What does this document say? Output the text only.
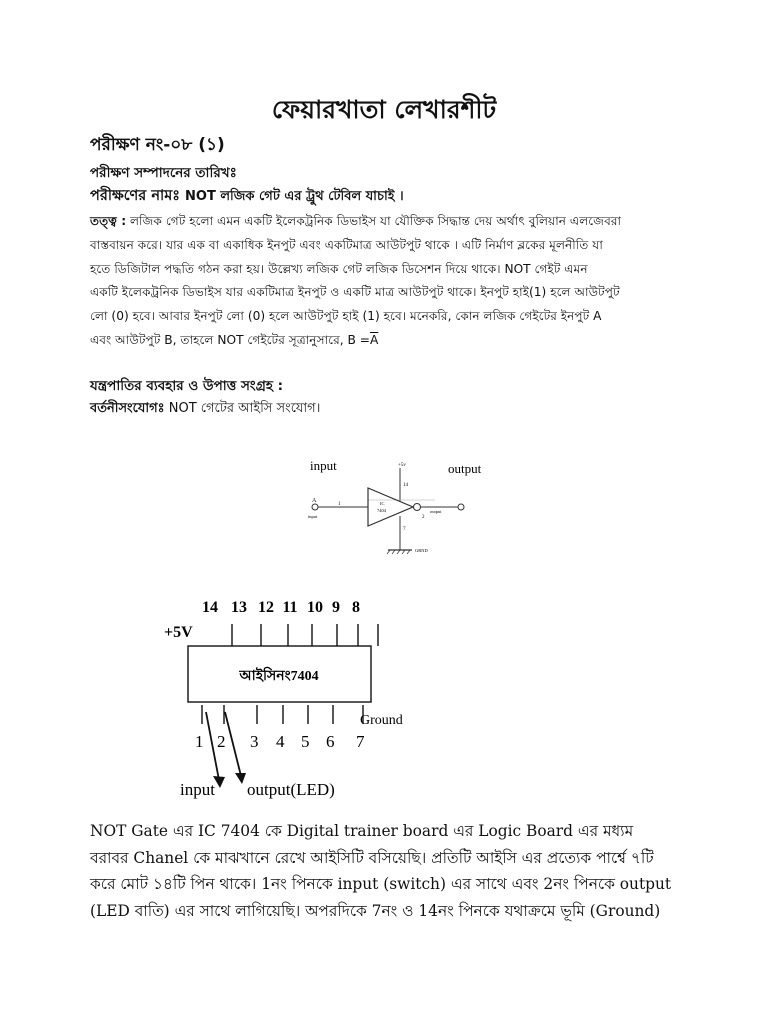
ফেয়ারখাতা লেখারশীট
পরীক্ষণ নং-০৮ (১)
পরীক্ষণ সম্পাদনের তারিখঃ
পরীক্ষণের নামঃ NOT লজিক গেট এর ট্রুথ টেবিল যাচাই ।
তত্ত্ব : লজিক গেট হলো এমন একটি ইলেকট্রনিক ডিভাইস যা যৌক্তিক সিদ্ধান্ত দেয় অর্থাৎ বুলিয়ান এলজেবরা
বাস্তবায়ন করে। যার এক বা একাধিক ইনপুট এবং একটিমাত্র আউটপুট থাকে । এটি নির্মাণ ব্লকের মূলনীতি যা
হতে ডিজিটাল পদ্ধতি গঠন করা হয়। উল্লেখ্য লজিক গেট লজিক ডিসেশন দিয়ে থাকে। NOT গেইট এমন
একটি ইলেকট্রনিক ডিভাইস যার একটিমাত্র ইনপুট ও একটি মাত্র আউটপুট থাকে। ইনপুট হাই(1) হলে আউটপুট
লো (0) হবে। আবার ইনপুট লো (0) হলে আউটপুট হাই (1) হবে। মনেকরি, কোন লজিক গেইটের ইনপুট A
এবং আউটপুট B, তাহলে NOT গেইটের সূত্রানুসারে, $B =\overline{A}$
যন্ত্রপাতির ব্যবহার ও উপাত্ত সংগ্রহ :
বর্তনীসংযোগঃ NOT গেটের আইসি সংযোগ।
input	output
+5v
14
A
1	IC
7404
2
input
output
7
GRND
14 13 12 11 10 9 8
+5V
আইসিনং7404
1 2 3 4 5 6 7
Ground
input output(LED)
NOT Gate এর IC 7404 কে Digital trainer board এর Logic Board এর মধ্যম
বরাবর Chanel কে মাঝখানে রেখে আইসিটি বসিয়েছি। প্রতিটি আইসি এর প্রত্যেক পার্শ্বে ৭টি
করে মোট ১৪টি পিন থাকে। 1নং পিনকে input (switch) এর সাথে এবং 2নং পিনকে output
(LED বাতি) এর সাথে লাগিয়েছি। অপরদিকে 7নং ও 14নং পিনকে যথাক্রমে ভূমি (Ground)
